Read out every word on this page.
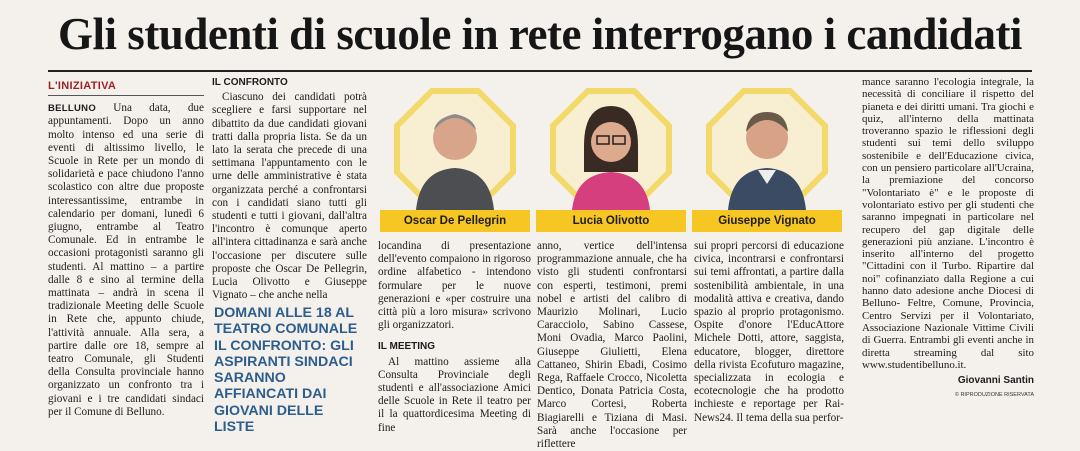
Gli studenti di scuole in rete interrogano i candidati
L'INIZIATIVA

BELLUNO Una data, due appuntamenti. Dopo un anno molto intenso ed una serie di eventi di altissimo livello, le Scuole in Rete per un mondo di solidarietà e pace chiudono l'anno scolastico con altre due proposte interessantissime, entrambe in calendario per domani, lunedì 6 giugno, entrambe al Teatro Comunale. Ed in entrambe le occasioni protagonisti saranno gli studenti. Al mattino – a partire dalle 8 e sino al termine della mattinata – andrà in scena il tradizionale Meeting delle Scuole in Rete che, appunto chiude, l'attività annuale. Alla sera, a partire dalle ore 18, sempre al teatro Comunale, gli Studenti della Consulta provinciale hanno organizzato un confronto tra i giovani e i tre candidati sindaci per il Comune di Belluno.

IL CONFRONTO

Ciascuno dei candidati potrà scegliere e farsi supportare nel dibattito da due candidati giovani tratti dalla propria lista. Se da un lato la serata che precede di una settimana l'appuntamento con le urne delle amministrative è stata organizzata perché a confrontarsi con i candidati siano tutti gli studenti e tutti i giovani, dall'altra l'incontro è comunque aperto all'intera cittadinanza e sarà anche l'occasione per discutere sulle proposte che Oscar De Pellegrin, Lucia Olivotto e Giuseppe Vignato – che anche nella

DOMANI ALLE 18 AL TEATRO COMUNALE IL CONFRONTO: GLI ASPIRANTI SINDACI SARANNO AFFIANCATI DAI GIOVANI DELLE LISTE
Oscar De Pellegrin	Lucia Olivotto	Giuseppe Vignato

locandina di presentazione dell'evento compaiono in rigoroso ordine alfabetico - intendono formulare per le nuove generazioni e «per costruire una città più a loro misura» scrivono gli organizzatori.

IL MEETING

Al mattino assieme alla Consulta Provinciale degli studenti e all'associazione Amici delle Scuole in Rete il teatro per il la quattordicesima Meeting di fine

anno, vertice dell'intensa programmazione annuale, che ha visto gli studenti confrontarsi con esperti, testimoni, premi nobel e artisti del calibro di Maurizio Molinari, Lucio Caracciolo, Sabino Cassese, Moni Ovadia, Marco Paolini, Giuseppe Giulietti, Elena Cattaneo, Shirin Ebadi, Cosimo Rega, Raffaele Crocco, Nicoletta Dentico, Donata Patricia Costa, Marco Cortesi, Roberta Biagiarelli e Tiziana di Masi. Sarà anche l'occasione per riflettere

sui propri percorsi di educazione civica, incontrarsi e confrontarsi sui temi affrontati, a partire dalla sostenibilità ambientale, in una modalità attiva e creativa, dando spazio al proprio protagonismo. Ospite d'onore l'EducAttore Michele Dotti, attore, saggista, educatore, blogger, direttore della rivista Ecofuturo magazine, specializzata in ecologia e ecotecnologie che ha prodotto inchieste e reportage per Rai-News24. Il tema della sua perfor-

mance saranno l'ecologia integrale, la necessità di conciliare il rispetto del pianeta e dei diritti umani. Tra giochi e quiz, all'interno della mattinata troveranno spazio le riflessioni degli studenti sui temi dello sviluppo sostenibile e dell'Educazione civica, con un pensiero particolare all'Ucraina, la premiazione del concorso "Volontariato è" e le proposte di volontariato estivo per gli studenti che saranno impegnati in particolare nel recupero del gap digitale delle generazioni più anziane. L'incontro è inserito all'interno del progetto "Cittadini con il Turbo. Ripartire dal noi" cofinanziato dalla Regione a cui hanno dato adesione anche Diocesi di Belluno- Feltre, Comune, Provincia, Centro Servizi per il Volontariato, Associazione Nazionale Vittime Civili di Guerra. Entrambi gli eventi anche in diretta streaming dal sito www.studentibelluno.it.

Giovanni Santin
© RIPRODUZIONE RISERVATA
